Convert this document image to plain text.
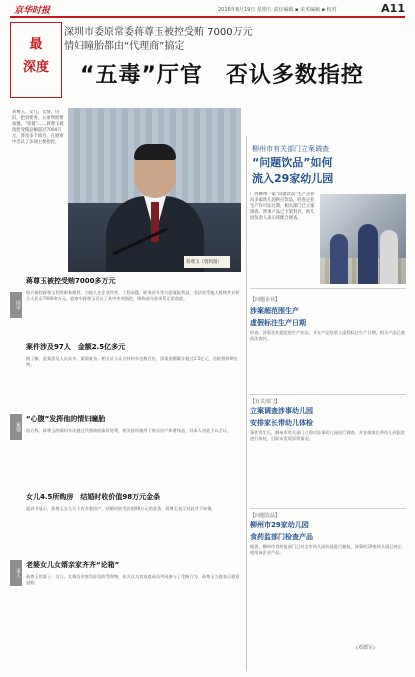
京华时报	2016年8月19日 星期五 责任编辑 ▪ 美术编辑 ▪ 校对	A11
最
深度
深圳市委原常委蒋尊玉被控受贿 7000万元
情妇瞳胎都由“代理商”搞定
“五毒”厅官　否认多数指控
蒋尊玉，女儿，女情，仍旧，把县要务，公审判席要加强，“你猜”……蒋尊玉被指控受贿总额超过7000万元，涉及多个项目，在庭审中否认了多项主要指控。
蒋尊玉（资料图）
柳州市有关部门立案调查
“问题饮品”如何
流入29家幼儿园
广西柳州一家“问题饮品”生产企业向多家幼儿园供应饮品，经查企业生产许可证过期，相关部门已立案调查，涉事产品已下架封存，幼儿园负责人表示将配合调查。
蒋尊玉被控受贿7000多万元
庭审
检方指控蒋尊玉利用职务便利，为他人在企业经营、工程承揽、职务晋升等方面谋取利益，非法收受他人财物共计折合人民币7000余万元。庭审中蒋尊玉否认了其中多项指控，辩称部分款项系正常借款。
案件涉及97人　金额2.5亿多元
据了解，此案涉及人员众多，案情复杂，相关证人证言材料多达数百份，涉案金额累计超过2.5亿元，法院将择期宣判。
案情
“心腹”发挥他的情妇瞳胎
检方称，蒋尊玉的情妇多次通过代理商收取好处费，相关款项被用于购买房产和奢侈品，其本人对此予以否认。
女儿4.5所购房　结婚时收价值98万元金条
起诉书显示，蒋尊玉女儿名下有多套房产，结婚时收受价值98万元的金条，蒋尊玉表示对此并不知情。
家人
老婆女儿女婿亲家齐齐“论箱”
蒋尊玉的妻子、女儿、女婿及亲家均涉及收受财物，检方认为其家庭成员共同参与了受贿行为，蒋尊玉当庭表示愿意退赃。
【问题企业】
涉案超范围生产
虚假标注生产日期
经查，涉事企业超范围生产饮品，并在产品包装上虚假标注生产日期，相关产品已被依法查封。
【有关部门】
立案调查涉事幼儿园
安排家长带幼儿体检
事件发生后，柳州市有关部门立即对涉事幼儿园进行调查，并安排家长带幼儿到医院进行体检，目前未发现异常情况。
【问题饮品】
柳州市29家幼儿园
食药监部门检查产品
据悉，柳州市食药监部门已对全市幼儿园饮品进行抽检，涉事的29家幼儿园已停止使用该企业产品。
(邓德军)
